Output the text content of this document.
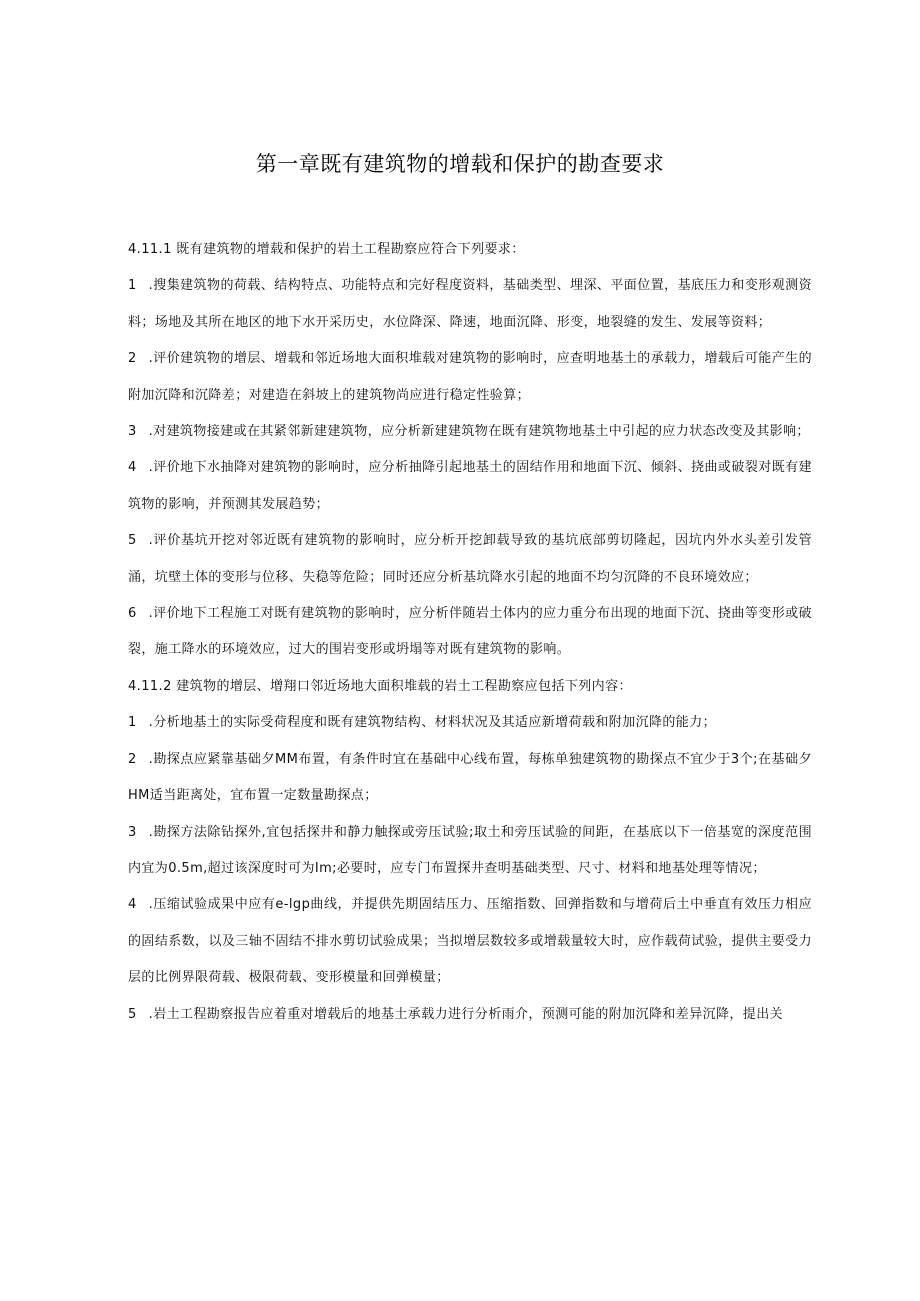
第一章既有建筑物的增载和保护的勘查要求

4.11.1 既有建筑物的增载和保护的岩土工程勘察应符合下列要求：

1 .搜集建筑物的荷载、结构特点、功能特点和完好程度资料，基础类型、埋深、平面位置，基底压力和变形观测资料；场地及其所在地区的地下水开采历史，水位降深、降速，地面沉降、形变，地裂缝的发生、发展等资料；

2 .评价建筑物的增层、增载和邻近场地大面积堆载对建筑物的影响时，应查明地基土的承载力，增载后可能产生的附加沉降和沉降差；对建造在斜坡上的建筑物尚应进行稳定性验算；

3 .对建筑物接建或在其紧邻新建建筑物，应分析新建建筑物在既有建筑物地基土中引起的应力状态改变及其影响；

4 .评价地下水抽降对建筑物的影响时，应分析抽降引起地基土的固结作用和地面下沉、倾斜、挠曲或破裂对既有建筑物的影响，并预测其发展趋势；

5 .评价基坑开挖对邻近既有建筑物的影响时，应分析开挖卸载导致的基坑底部剪切隆起，因坑内外水头差引发管涌，坑壁土体的变形与位移、失稳等危险；同时还应分析基坑降水引起的地面不均匀沉降的不良环境效应；

6 .评价地下工程施工对既有建筑物的影响时，应分析伴随岩土体内的应力重分布出现的地面下沉、挠曲等变形或破裂，施工降水的环境效应，过大的围岩变形或坍塌等对既有建筑物的影响。

4.11.2 建筑物的增层、增翔口邻近场地大面积堆载的岩土工程勘察应包括下列内容：

1 .分析地基土的实际受荷程度和既有建筑物结构、材料状况及其适应新增荷载和附加沉降的能力；

2 .勘探点应紧靠基础夕MM布置，有条件时宜在基础中心线布置，每栋单独建筑物的勘探点不宜少于3个;在基础夕HM适当距离处，宜布置一定数量勘探点；

3 .勘探方法除钻探外,宜包括探井和静力触探或旁压试验;取土和旁压试验的间距，在基底以下一倍基宽的深度范围内宜为0.5m,超过该深度时可为Im;必要时，应专门布置探井查明基础类型、尺寸、材料和地基处理等情况；

4 .压缩试验成果中应有e-lgp曲线，并提供先期固结压力、压缩指数、回弹指数和与增荷后土中垂直有效压力相应的固结系数，以及三轴不固结不排水剪切试验成果；当拟增层数较多或增载量较大时，应作载荷试验，提供主要受力层的比例界限荷载、极限荷载、变形模量和回弹模量；

5 .岩土工程勘察报告应着重对增载后的地基土承载力进行分析雨介，预测可能的附加沉降和差异沉降，提出关
